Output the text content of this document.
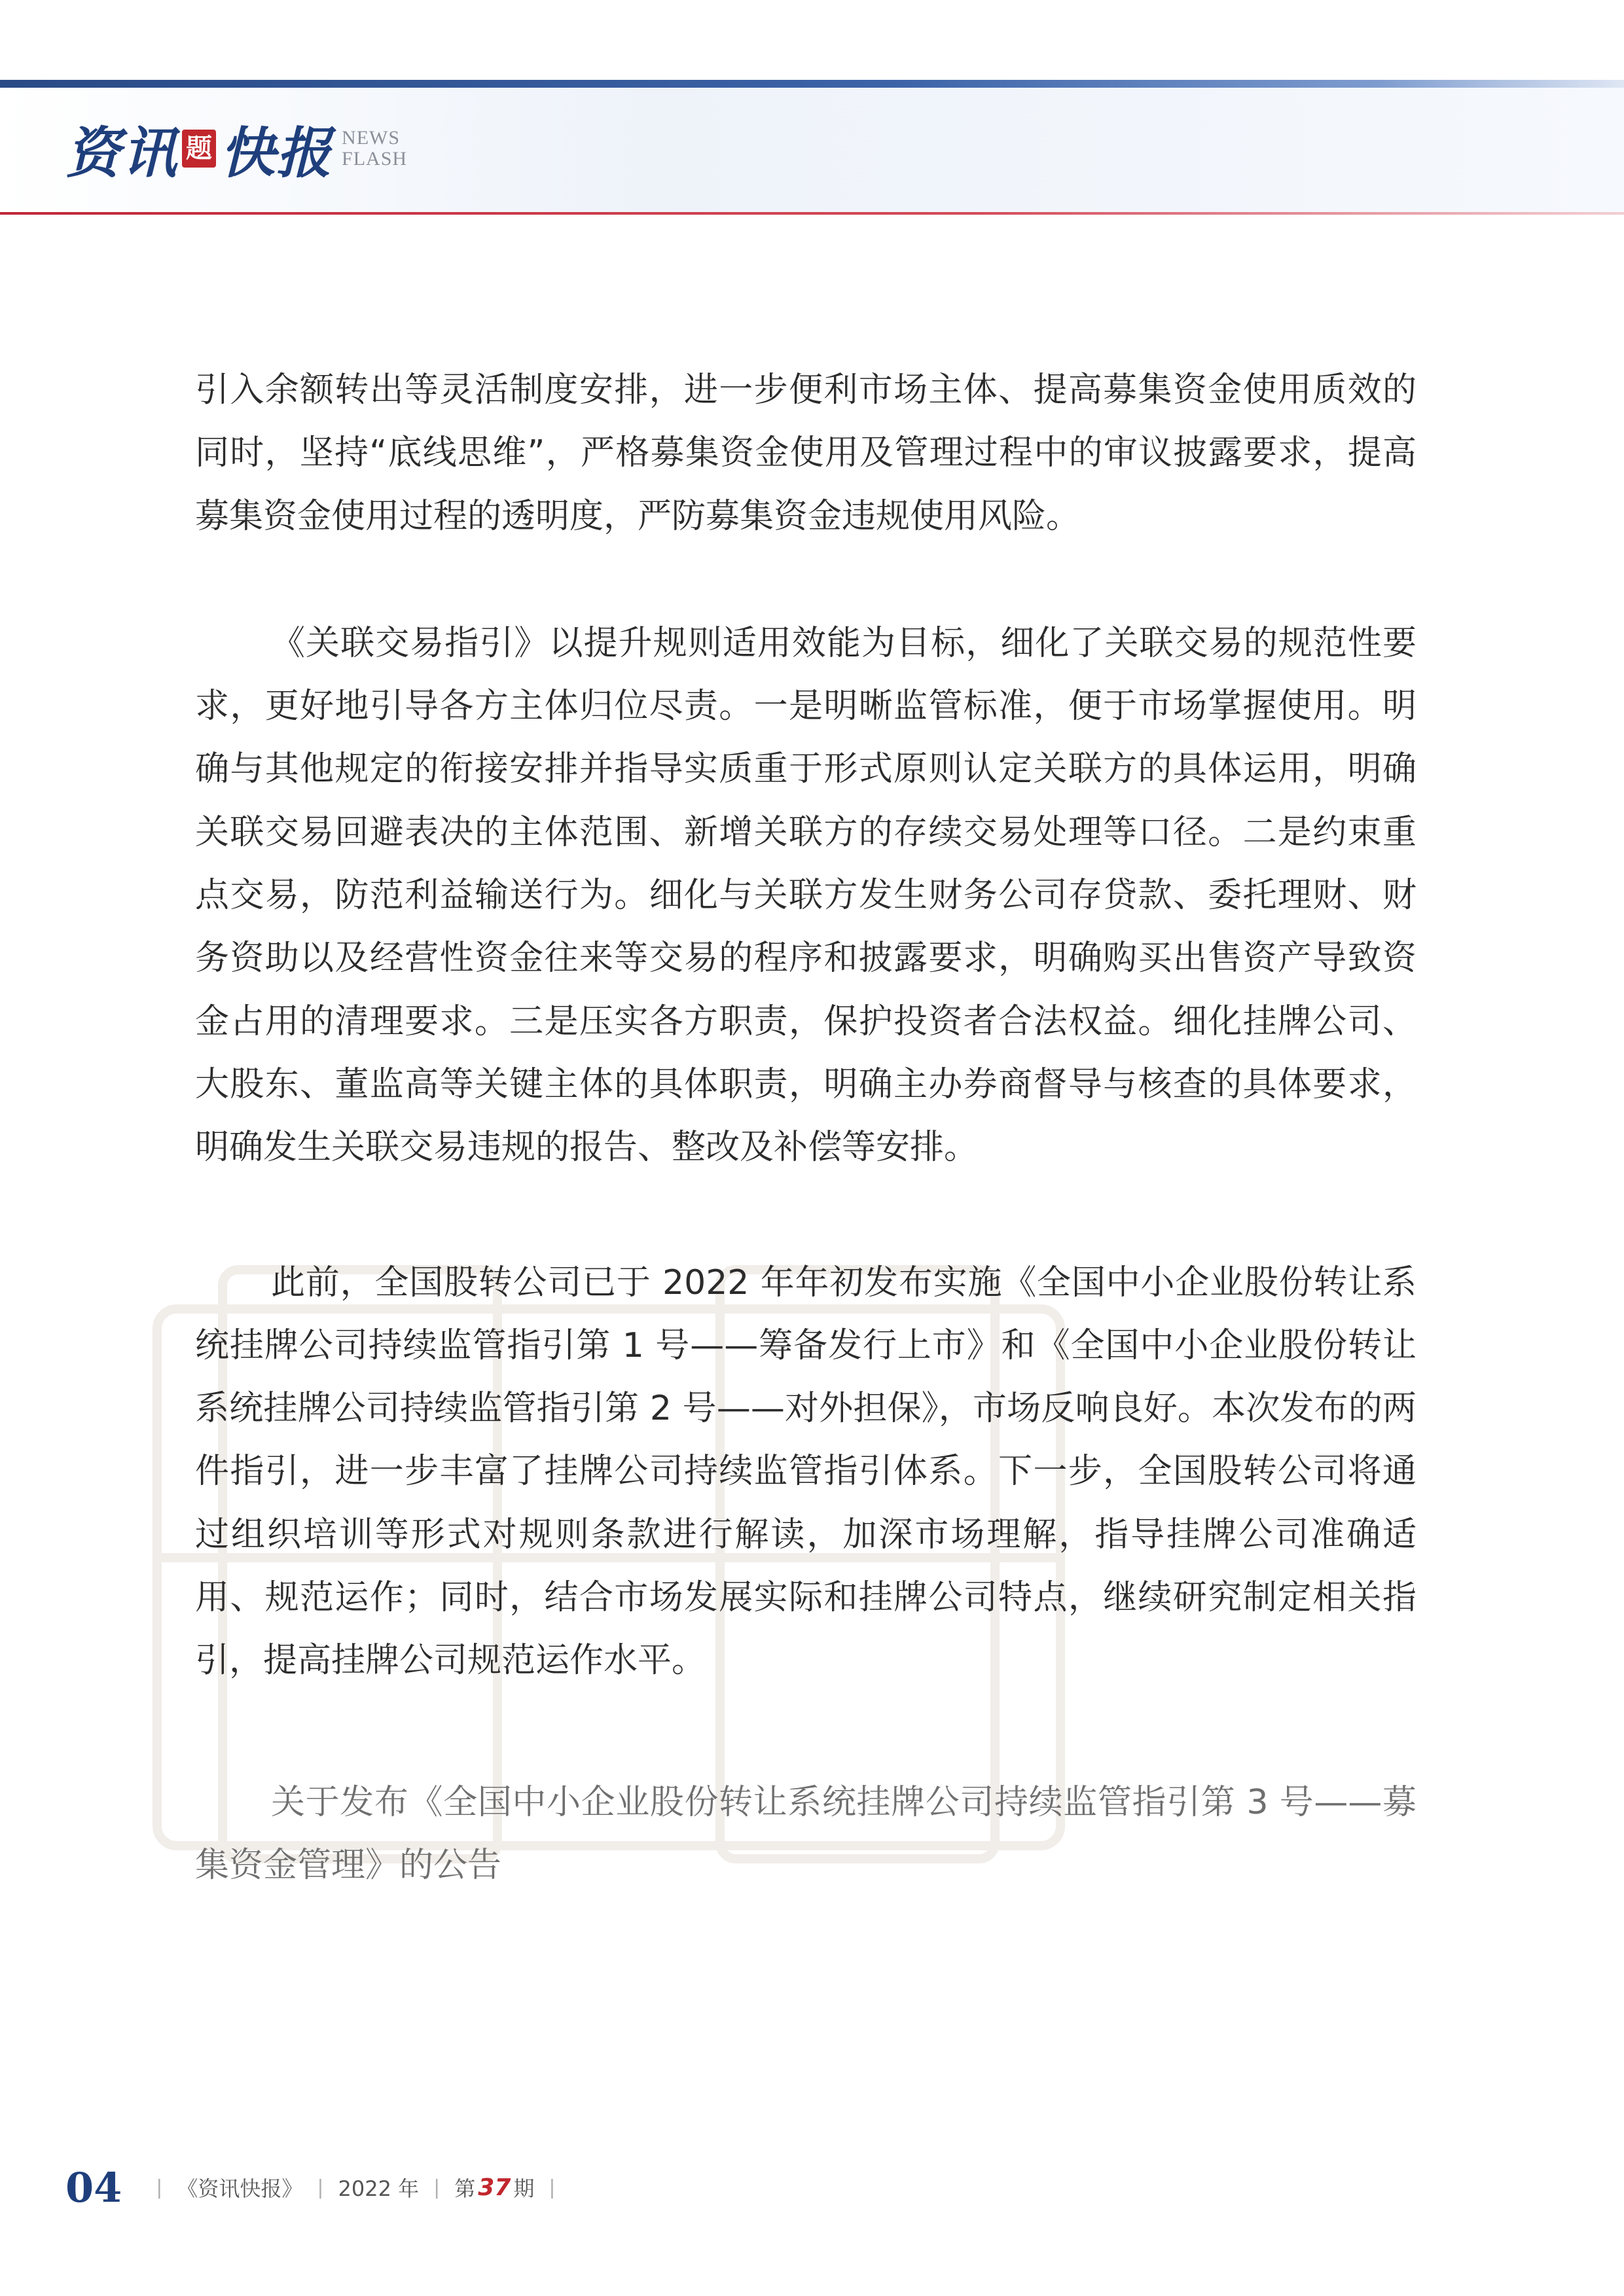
资讯 题 快报 NEWS
FLASH

引入余额转出等灵活制度安排，进一步便利市场主体、提高募集资金使用质效的同时，坚持“底线思维”，严格募集资金使用及管理过程中的审议披露要求，提高募集资金使用过程的透明度，严防募集资金违规使用风险。

《关联交易指引》以提升规则适用效能为目标，细化了关联交易的规范性要求，更好地引导各方主体归位尽责。一是明晰监管标准，便于市场掌握使用。明确与其他规定的衔接安排并指导实质重于形式原则认定关联方的具体运用，明确关联交易回避表决的主体范围、新增关联方的存续交易处理等口径。二是约束重点交易，防范利益输送行为。细化与关联方发生财务公司存贷款、委托理财、财务资助以及经营性资金往来等交易的程序和披露要求，明确购买出售资产导致资金占用的清理要求。三是压实各方职责，保护投资者合法权益。细化挂牌公司、大股东、董监高等关键主体的具体职责，明确主办券商督导与核查的具体要求，明确发生关联交易违规的报告、整改及补偿等安排。

此前，全国股转公司已于 2022 年年初发布实施《全国中小企业股份转让系统挂牌公司持续监管指引第 1 号——筹备发行上市》和《全国中小企业股份转让系统挂牌公司持续监管指引第 2 号——对外担保》，市场反响良好。本次发布的两件指引，进一步丰富了挂牌公司持续监管指引体系。下一步，全国股转公司将通过组织培训等形式对规则条款进行解读，加深市场理解，指导挂牌公司准确适用、规范运作；同时，结合市场发展实际和挂牌公司特点，继续研究制定相关指引，提高挂牌公司规范运作水平。

关于发布《全国中小企业股份转让系统挂牌公司持续监管指引第 3 号——募集资金管理》的公告

04 | 《资讯快报》 | 2022 年 | 第 37 期 |
